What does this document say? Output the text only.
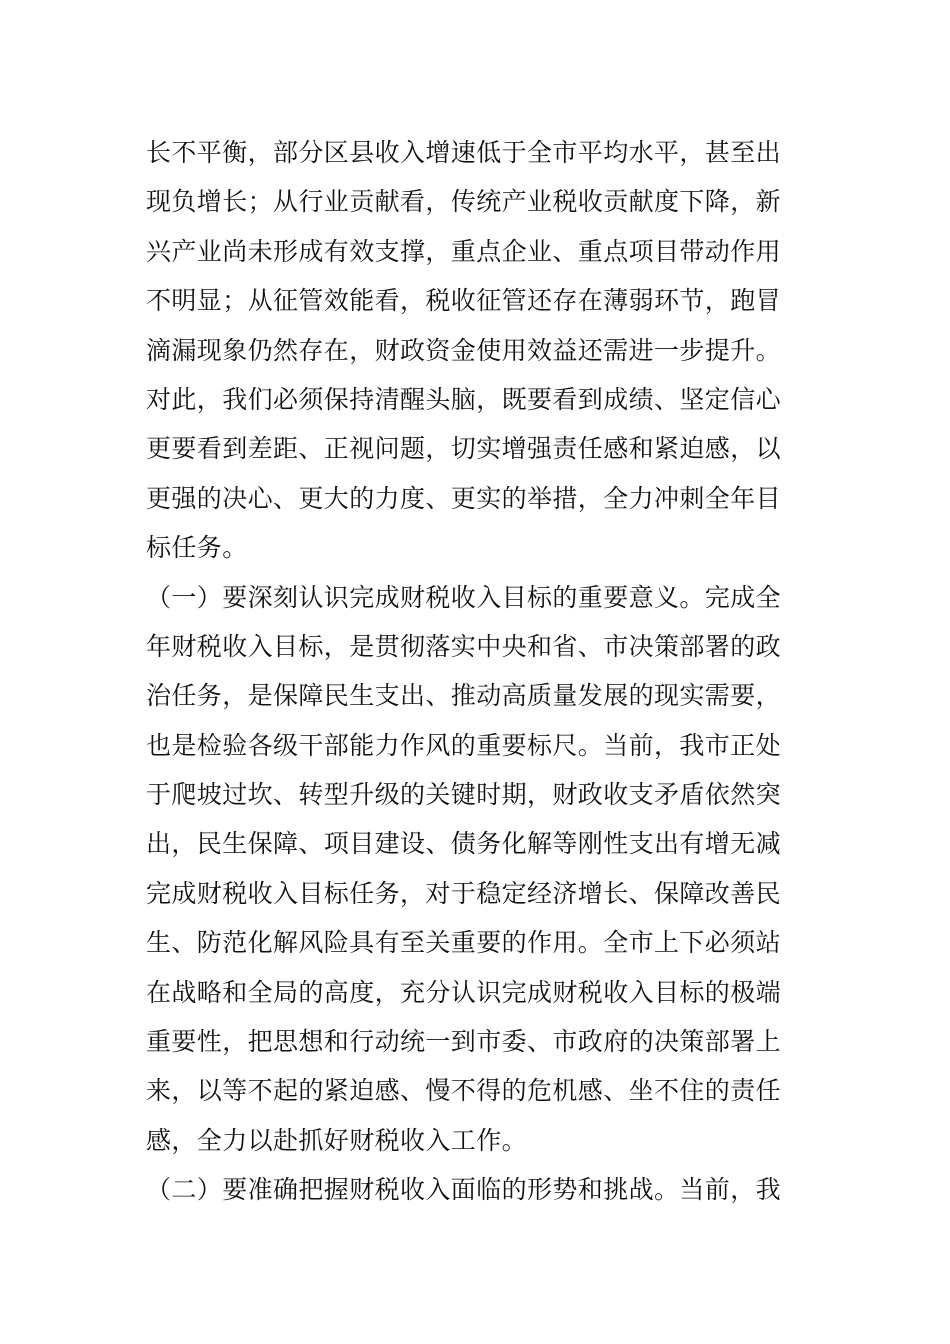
长不平衡，部分区县收入增速低于全市平均水平，甚至出
现负增长；从行业贡献看，传统产业税收贡献度下降，新
兴产业尚未形成有效支撑，重点企业、重点项目带动作用
不明显；从征管效能看，税收征管还存在薄弱环节，跑冒
滴漏现象仍然存在，财政资金使用效益还需进一步提升。
对此，我们必须保持清醒头脑，既要看到成绩、坚定信心
更要看到差距、正视问题，切实增强责任感和紧迫感，以
更强的决心、更大的力度、更实的举措，全力冲刺全年目
标任务。
（一）要深刻认识完成财税收入目标的重要意义。完成全
年财税收入目标，是贯彻落实中央和省、市决策部署的政
治任务，是保障民生支出、推动高质量发展的现实需要，
也是检验各级干部能力作风的重要标尺。当前，我市正处
于爬坡过坎、转型升级的关键时期，财政收支矛盾依然突
出，民生保障、项目建设、债务化解等刚性支出有增无减
完成财税收入目标任务，对于稳定经济增长、保障改善民
生、防范化解风险具有至关重要的作用。全市上下必须站
在战略和全局的高度，充分认识完成财税收入目标的极端
重要性，把思想和行动统一到市委、市政府的决策部署上
来，以等不起的紧迫感、慢不得的危机感、坐不住的责任
感，全力以赴抓好财税收入工作。
（二）要准确把握财税收入面临的形势和挑战。当前，我
